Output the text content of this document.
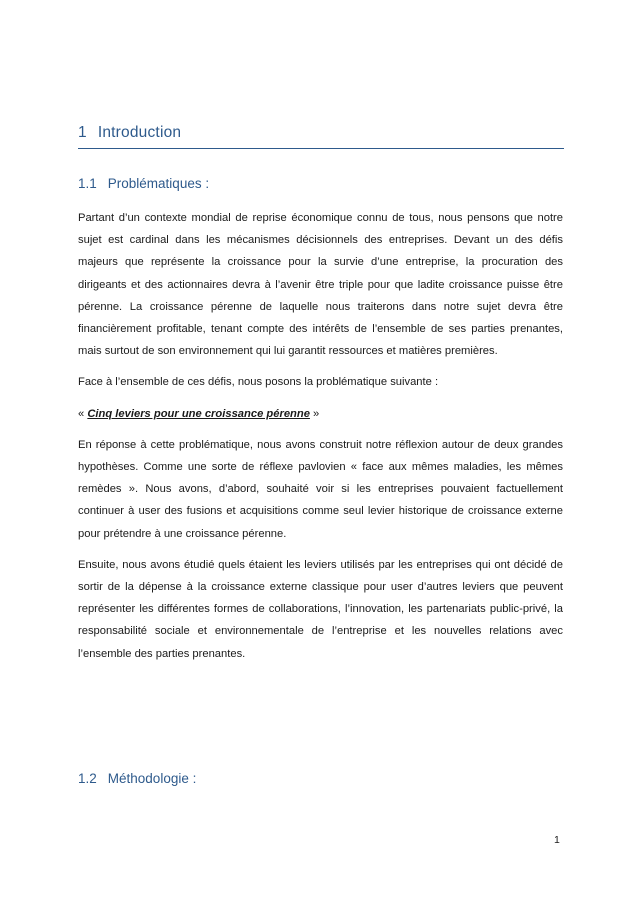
1 Introduction
1.1 Problématiques :

Partant d’un contexte mondial de reprise économique connu de tous, nous pensons que notre sujet est cardinal dans les mécanismes décisionnels des entreprises. Devant un des défis majeurs que représente la croissance pour la survie d’une entreprise, la procuration des dirigeants et des actionnaires devra à l’avenir être triple pour que ladite croissance puisse être pérenne. La croissance pérenne de laquelle nous traiterons dans notre sujet devra être financièrement profitable, tenant compte des intérêts de l’ensemble de ses parties prenantes, mais surtout de son environnement qui lui garantit ressources et matières premières.

Face à l’ensemble de ces défis, nous posons la problématique suivante :

« Cinq leviers pour une croissance pérenne »

En réponse à cette problématique, nous avons construit notre réflexion autour de deux grandes hypothèses. Comme une sorte de réflexe pavlovien « face aux mêmes maladies, les mêmes remèdes ». Nous avons, d’abord, souhaité voir si les entreprises pouvaient factuellement continuer à user des fusions et acquisitions comme seul levier historique de croissance externe pour prétendre à une croissance pérenne.

Ensuite, nous avons étudié quels étaient les leviers utilisés par les entreprises qui ont décidé de sortir de la dépense à la croissance externe classique pour user d’autres leviers que peuvent représenter les différentes formes de collaborations, l’innovation, les partenariats public-privé, la responsabilité sociale et environnementale de l’entreprise et les nouvelles relations avec l’ensemble des parties prenantes.

1.2 Méthodologie :
1
